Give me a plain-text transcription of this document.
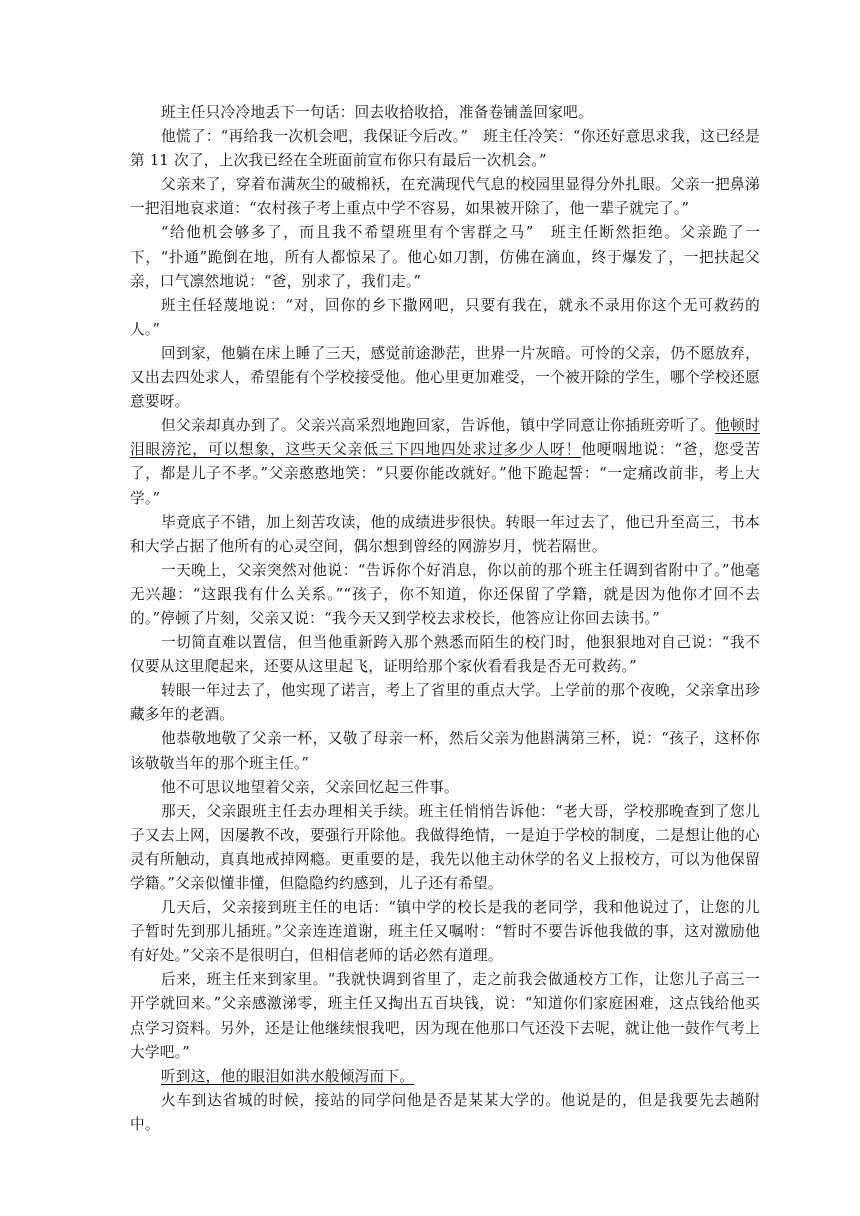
班主任只冷冷地丢下一句话：回去收拾收拾，准备卷铺盖回家吧。

他慌了：“再给我一次机会吧，我保证今后改。”　班主任冷笑：“你还好意思求我，这已经是第 11 次了，上次我已经在全班面前宣布你只有最后一次机会。”

父亲来了，穿着布满灰尘的破棉袄，在充满现代气息的校园里显得分外扎眼。父亲一把鼻涕一把泪地哀求道：“农村孩子考上重点中学不容易，如果被开除了，他一辈子就完了。”

“给他机会够多了，而且我不希望班里有个害群之马”　班主任断然拒绝。父亲跪了一下，“扑通”跪倒在地，所有人都惊呆了。他心如刀割，仿佛在滴血，终于爆发了，一把扶起父亲，口气凛然地说：“爸，别求了，我们走。”

班主任轻蔑地说：“对，回你的乡下撒网吧，只要有我在，就永不录用你这个无可救药的人。”

回到家，他躺在床上睡了三天，感觉前途渺茫，世界一片灰暗。可怜的父亲，仍不愿放弃，又出去四处求人，希望能有个学校接受他。他心里更加难受，一个被开除的学生，哪个学校还愿意要呀。

但父亲却真办到了。父亲兴高采烈地跑回家，告诉他，镇中学同意让你插班旁听了。他顿时泪眼滂沱，可以想象，这些天父亲低三下四地四处求过多少人呀！他哽咽地说：“爸，您受苦了，都是儿子不孝。”父亲憨憨地笑：“只要你能改就好。”他下跪起誓：“一定痛改前非，考上大学。”

毕竟底子不错，加上刻苦攻读，他的成绩进步很快。转眼一年过去了，他已升至高三，书本和大学占据了他所有的心灵空间，偶尔想到曾经的网游岁月，恍若隔世。

一天晚上，父亲突然对他说：“告诉你个好消息，你以前的那个班主任调到省附中了。”他毫无兴趣：“这跟我有什么关系。”“孩子，你不知道，你还保留了学籍，就是因为他你才回不去的。”停顿了片刻，父亲又说：“我今天又到学校去求校长，他答应让你回去读书。”

一切简直难以置信，但当他重新跨入那个熟悉而陌生的校门时，他狠狠地对自己说：“我不仅要从这里爬起来，还要从这里起飞，证明给那个家伙看看我是否无可救药。”

转眼一年过去了，他实现了诺言，考上了省里的重点大学。上学前的那个夜晚，父亲拿出珍藏多年的老酒。

他恭敬地敬了父亲一杯，又敬了母亲一杯，然后父亲为他斟满第三杯，说：“孩子，这杯你该敬敬当年的那个班主任。”

他不可思议地望着父亲，父亲回忆起三件事。

那天，父亲跟班主任去办理相关手续。班主任悄悄告诉他：“老大哥，学校那晚查到了您儿子又去上网，因屡教不改，要强行开除他。我做得绝情，一是迫于学校的制度，二是想让他的心灵有所触动，真真地戒掉网瘾。更重要的是，我先以他主动休学的名义上报校方，可以为他保留学籍。”父亲似懂非懂，但隐隐约约感到，儿子还有希望。

几天后，父亲接到班主任的电话：“镇中学的校长是我的老同学，我和他说过了，让您的儿子暂时先到那儿插班。”父亲连连道谢，班主任又嘱咐：“暂时不要告诉他我做的事，这对激励他有好处。”父亲不是很明白，但相信老师的话必然有道理。

后来，班主任来到家里。“我就快调到省里了，走之前我会做通校方工作，让您儿子高三一开学就回来。”父亲感激涕零，班主任又掏出五百块钱，说：“知道你们家庭困难，这点钱给他买点学习资料。另外，还是让他继续恨我吧，因为现在他那口气还没下去呢，就让他一鼓作气考上大学吧。”

听到这，他的眼泪如洪水般倾泻而下。

火车到达省城的时候，接站的同学问他是否是某某大学的。他说是的，但是我要先去趟附中。
